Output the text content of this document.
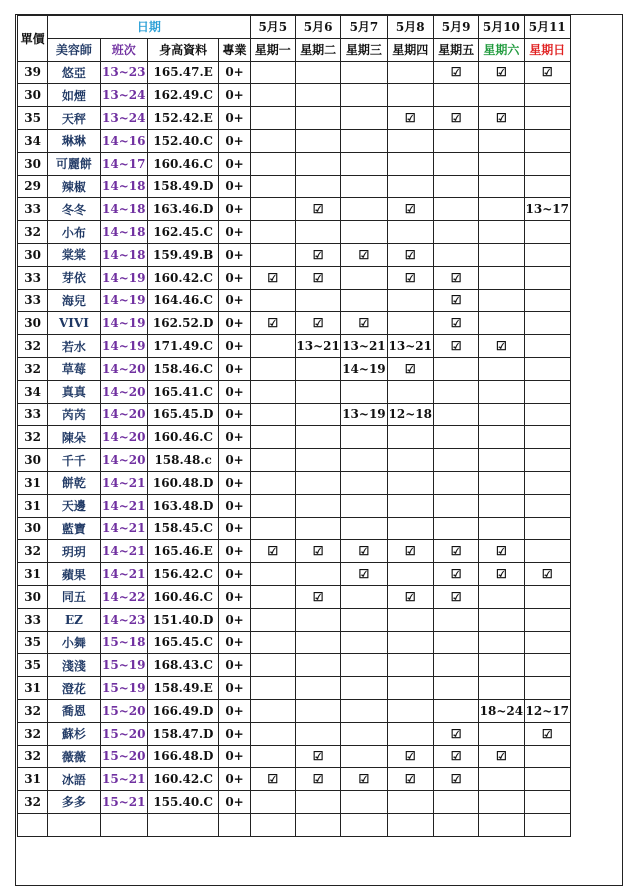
單價	日期				5月5	5月6	5月7	5月8	5月9	5月10	5月11
	美容師	班次	身高資料	專業	星期一	星期二	星期三	星期四	星期五	星期六	星期日
39	悠亞	13~23	165.47.E	0+					☑	☑	☑
30	如煙	13~24	162.49.C	0+							
35	天秤	13~24	152.42.E	0+				☑	☑	☑	
34	琳琳	14~16	152.40.C	0+							
30	可麗餅	14~17	160.46.C	0+							
29	辣椒	14~18	158.49.D	0+							
33	冬冬	14~18	163.46.D	0+		☑		☑			13~17
32	小布	14~18	162.45.C	0+							
30	棠棠	14~18	159.49.B	0+		☑	☑	☑			
33	芽依	14~19	160.42.C	0+	☑	☑		☑	☑		
33	海兒	14~19	164.46.C	0+					☑		
30	VIVI	14~19	162.52.D	0+	☑	☑	☑		☑		
32	若水	14~19	171.49.C	0+		13~21	13~21	13~21	☑	☑	
32	草莓	14~20	158.46.C	0+			14~19	☑			
34	真真	14~20	165.41.C	0+							
33	芮芮	14~20	165.45.D	0+			13~19	12~18			
32	陳朵	14~20	160.46.C	0+							
30	千千	14~20	158.48.c	0+							
31	餅乾	14~21	160.48.D	0+							
31	天邊	14~21	163.48.D	0+							
30	藍寶	14~21	158.45.C	0+							
32	玥玥	14~21	165.46.E	0+	☑	☑	☑	☑	☑	☑	
31	蘋果	14~21	156.42.C	0+			☑		☑	☑	☑
30	同五	14~22	160.46.C	0+		☑		☑	☑		
33	EZ	14~23	151.40.D	0+							
35	小舞	15~18	165.45.C	0+							
35	淺淺	15~19	168.43.C	0+							
31	澄花	15~19	158.49.E	0+							
32	喬恩	15~20	166.49.D	0+						18~24	12~17
32	蘇杉	15~20	158.47.D	0+					☑		☑
32	薇薇	15~20	166.48.D	0+		☑		☑	☑	☑	
31	冰語	15~21	160.42.C	0+	☑	☑	☑	☑	☑		
32	多多	15~21	155.40.C	0+							
